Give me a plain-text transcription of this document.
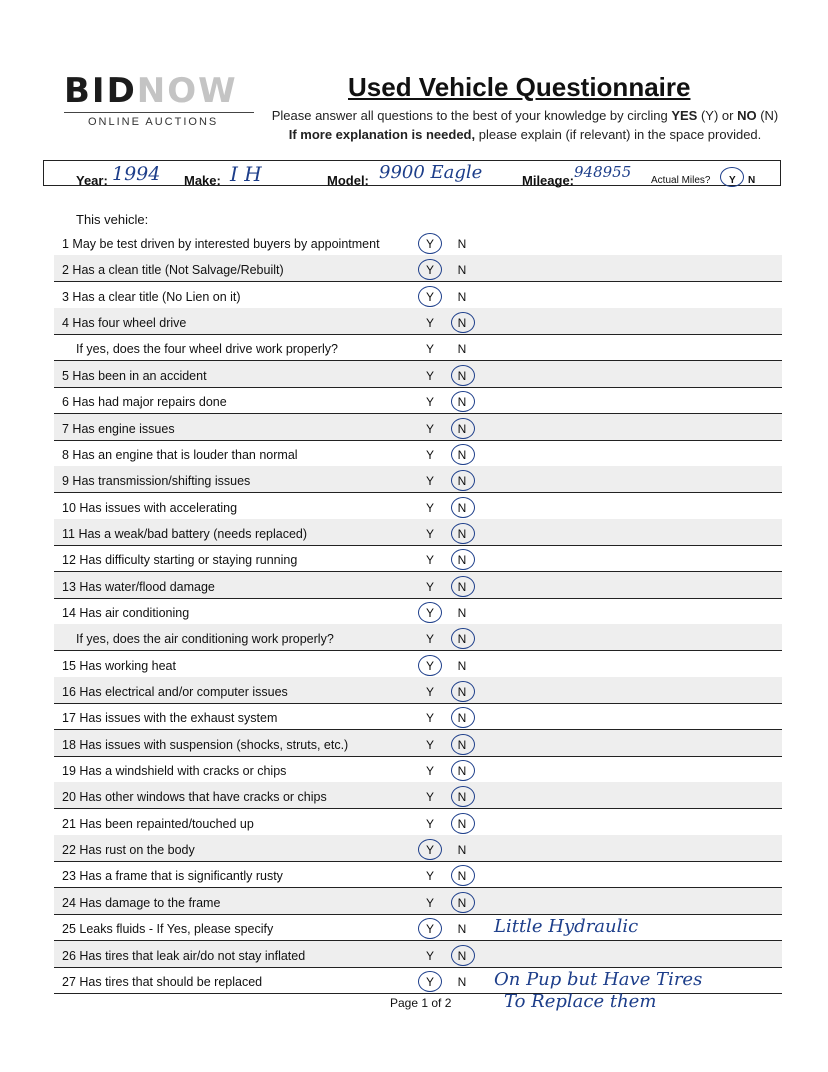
BIDNOW
ONLINE AUCTIONS
Used Vehicle Questionnaire
Please answer all questions to the best of your knowledge by circling YES (Y) or NO (N)
If more explanation is needed, please explain (if relevant) in the space provided.
Year: 1994 Make: I H	Model: 9900 Eagle	Mileage: 948955 Actual Miles? Y N
This vehicle:
1 May be test driven by interested buyers by appointment	Y N
2 Has a clean title (Not Salvage/Rebuilt)	Y N
3 Has a clear title (No Lien on it)	Y N
4 Has four wheel drive	Y N
If yes, does the four wheel drive work properly?	Y N
5 Has been in an accident	Y N
6 Has had major repairs done	Y N
7 Has engine issues	Y N
8 Has an engine that is louder than normal	Y N
9 Has transmission/shifting issues	Y N
10 Has issues with accelerating	Y N
11 Has a weak/bad battery (needs replaced)	Y N
12 Has difficulty starting or staying running	Y N
13 Has water/flood damage	Y N
14 Has air conditioning	Y N
If yes, does the air conditioning work properly?	Y N
15 Has working heat	Y N
16 Has electrical and/or computer issues	Y N
17 Has issues with the exhaust system	Y N
18 Has issues with suspension (shocks, struts, etc.)	Y N
19 Has a windshield with cracks or chips	Y N
20 Has other windows that have cracks or chips	Y N
21 Has been repainted/touched up	Y N
22 Has rust on the body	Y N
23 Has a frame that is significantly rusty	Y N
24 Has damage to the frame	Y N
25 Leaks fluids - If Yes, please specify	Y N Little Hydraulic
26 Has tires that leak air/do not stay inflated	Y N
27 Has tires that should be replaced	Y N On Pup but Have Tires
To Replace them
Page 1 of 2
